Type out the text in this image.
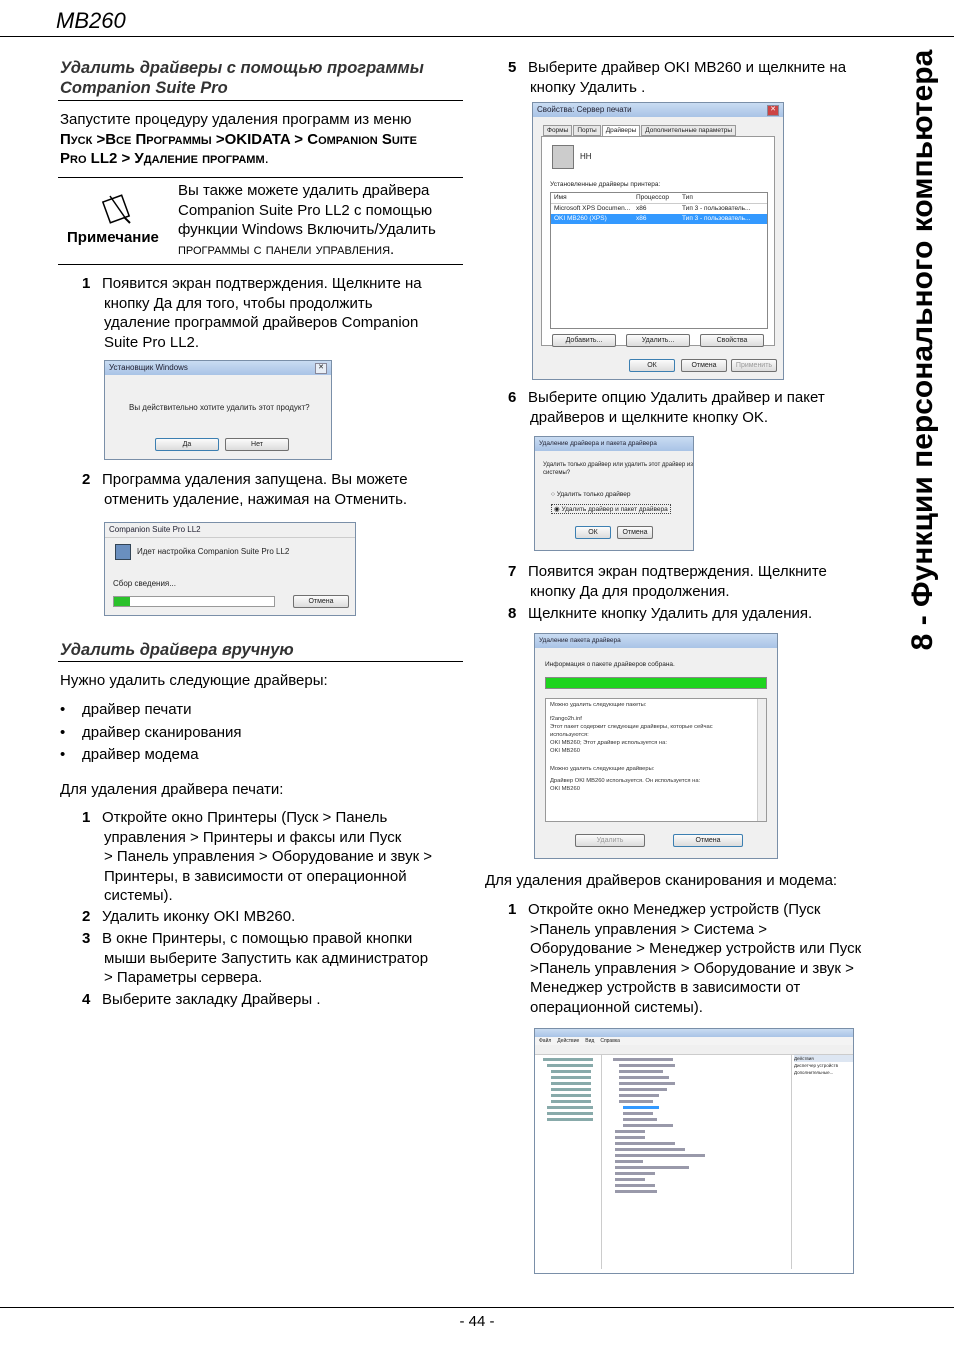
MB260
- 44 -
8 - Функции персонального компьютера
Удалить драйверы с помощью программы Companion Suite Pro
Запустите процедуру удаления программ из меню
Пуск >Все Программы >OKIDATA > Companion Suite
Pro LL2 > Удаление программ.
Примечание
Вы также можете удалить драйвера
Companion Suite Pro LL2 с помощью
функции Windows Включить/Удалить
программы с панели управления.
1 Появится экран подтверждения. Щелкните на
кнопку Да для того, чтобы продолжить
удаление программой драйверов Companion
Suite Pro LL2.
Установщик Windows	✕
Вы действительно хотите удалить этот продукт?
Да	Нет
2 Программа удаления запущена. Вы можете
отменить удаление, нажимая на Отменить.
Companion Suite Pro LL2
Идет настройка Companion Suite Pro LL2
Сбор сведения...
Отмена
Удалить драйвера вручную
Нужно удалить следующие драйверы:
• драйвер печати
• драйвер сканирования
• драйвер модема
Для удаления драйвера печати:
1 Откройте окно Принтеры (Пуск > Панель
управления > Принтеры и факсы или Пуск
> Панель управления > Оборудование и звук >
Принтеры, в зависимости от операционной
системы).
2 Удалить иконку OKI MB260.
3 В окне Принтеры, с помощью правой кнопки
мыши выберите Запустить как администратор
> Параметры сервера.
4 Выберите закладку Драйверы .
5 Выберите драйвер OKI MB260 и щелкните на
кнопку Удалить .
Свойства: Сервер печати	✕
Формы	Порты	Драйверы	Дополнительные параметры
НН
Установленные драйверы принтера:
Имя	Процессор	Тип
Microsoft XPS Documen... x86	Тип 3 - пользователь...
OKI MB260 (XPS)	x86	Тип 3 - пользователь...
Добавить...	Удалить...	Свойства
ОК	Отмена	Применить
6 Выберите опцию Удалить драйвер и пакет
драйверов и щелкните кнопку OK.
Удаление драйвера и пакета драйвера
Удалить только драйвер или удалить этот драйвер из
системы?
○ Удалить только драйвер
◉ Удалить драйвер и пакет драйвера
ОК	Отмена
7 Появится экран подтверждения. Щелкните
кнопку Да для продолжения.
8 Щелкните кнопку Удалить для удаления.
Удаление пакета драйвера
Информация о пакете драйверов собрана.
Можно удалить следующие пакеты:
f2ango2h.inf
Этот пакет содержит следующие драйверы, которые сейчас
используются:
OKI MB260; Этот драйвер используется на:
OKI MB260
Можно удалить следующие драйверы:
Драйвер OKI MB260 используется. Он используется на:
OKI MB260
Удалить	Отмена
Для удаления драйверов сканирования и модема:
1 Откройте окно Менеджер устройств (Пуск
>Панель управления > Система >
Оборудование > Менеджер устройств или Пуск
>Панель управления > Оборудование и звук >
Менеджер устройств в зависимости от
операционной системы).
Файл Действие Вид Справка
Действия
Диспетчер устройств
Дополнительные...
